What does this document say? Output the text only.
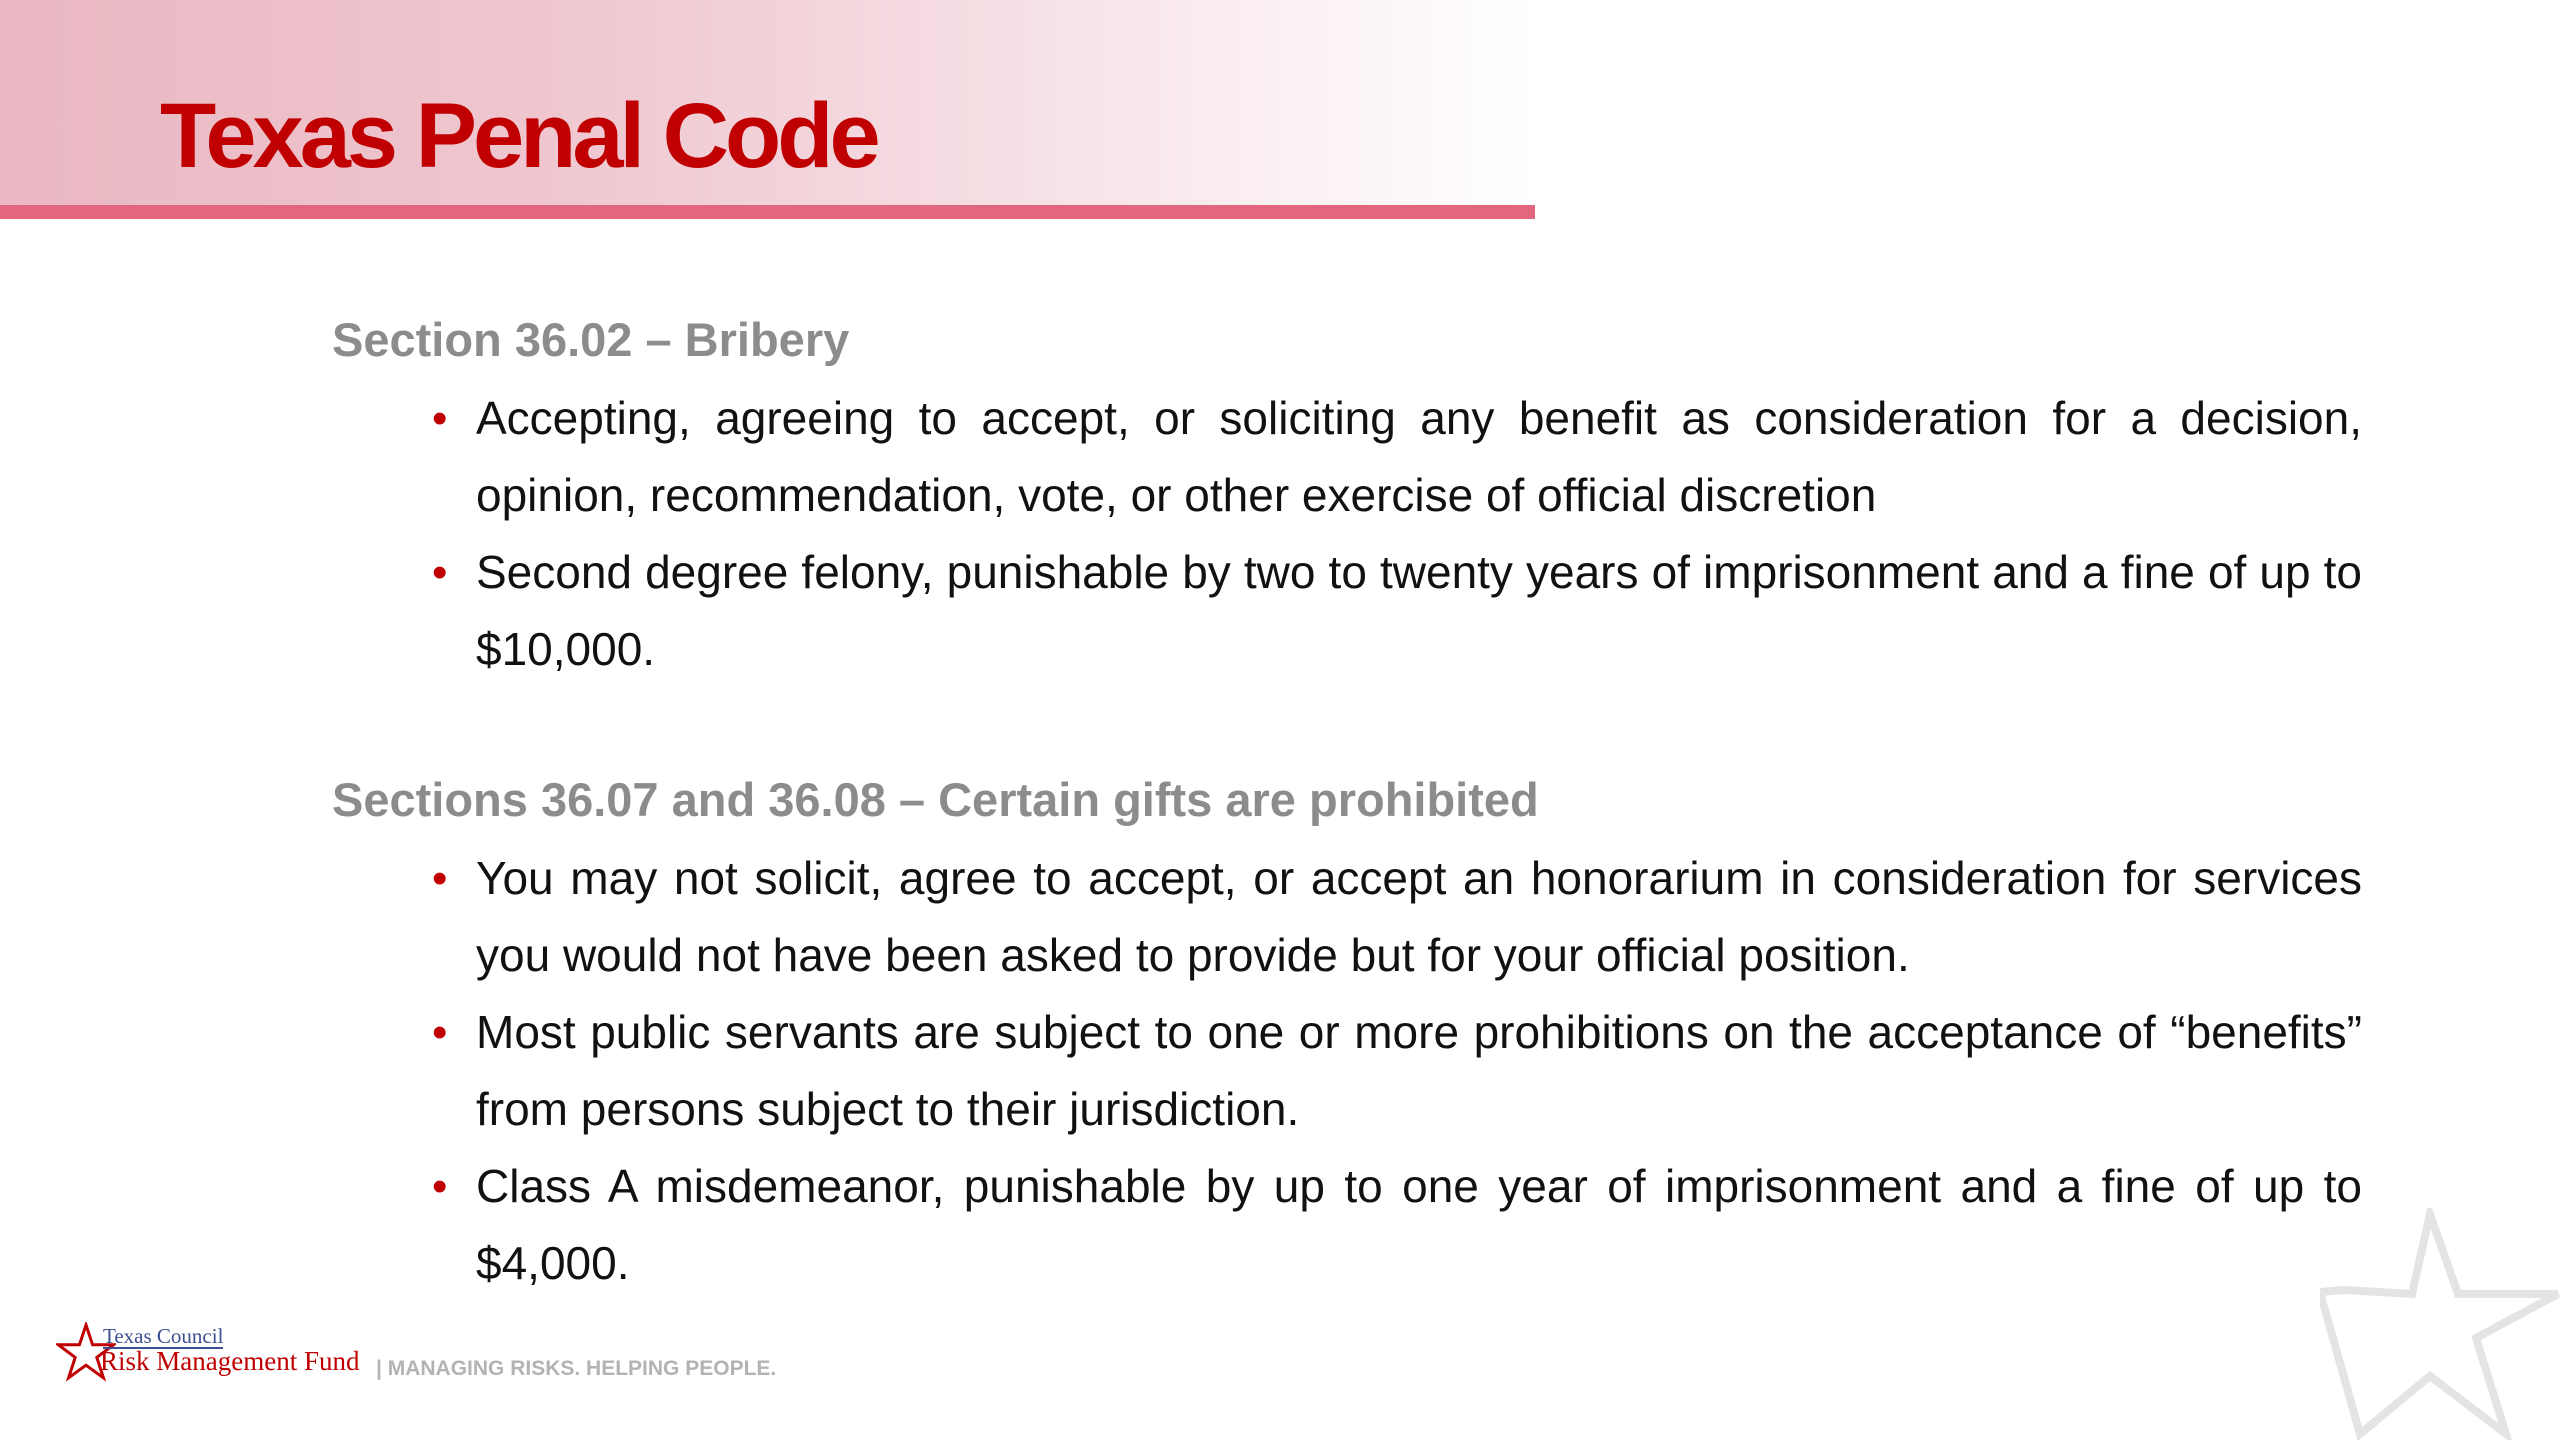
Texas Penal Code
Section 36.02 – Bribery
• Accepting, agreeing to accept, or soliciting any benefit as consideration for a decision, opinion, recommendation, vote, or other exercise of official discretion
• Second degree felony, punishable by two to twenty years of imprisonment and a fine of up to $10,000.
Sections 36.07 and 36.08 – Certain gifts are prohibited
• You may not solicit, agree to accept, or accept an honorarium in consideration for services you would not have been asked to provide but for your official position.
• Most public servants are subject to one or more prohibitions on the acceptance of “benefits” from persons subject to their jurisdiction.
• Class A misdemeanor, punishable by up to one year of imprisonment and a fine of up to $4,000.
Texas Council
Risk Management Fund | MANAGING RISKS. HELPING PEOPLE.
